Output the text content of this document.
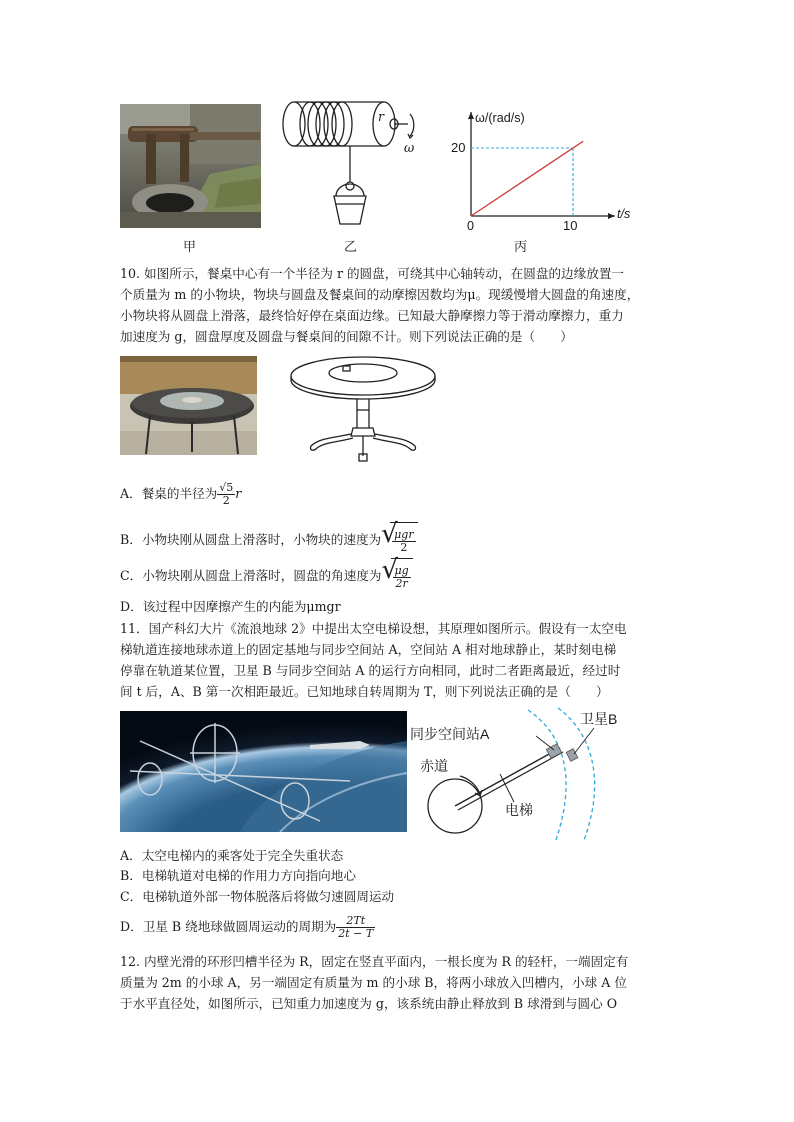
甲
r
ω
乙
ω/(rad/s)
t/s
0
20
10
丙
10. 如图所示，餐桌中心有一个半径为 r 的圆盘，可绕其中心轴转动，在圆盘的边缘放置一
个质量为 m 的小物块，物块与圆盘及餐桌间的动摩擦因数均为μ。现缓慢增大圆盘的角速度，
小物块将从圆盘上滑落，最终恰好停在桌面边缘。已知最大静摩擦力等于滑动摩擦力，重力
加速度为 g，圆盘厚度及圆盘与餐桌间的间隙不计。则下列说法正确的是（　　）
A．餐桌的半径为 $\frac{√5}{2}$ r
B．小物块刚从圆盘上滑落时，小物块的速度为 √
$\frac{\text{μgr}}{2}$
C．小物块刚从圆盘上滑落时，圆盘的角速度为 √
$\frac{\mu g}{2r}$
D．该过程中因摩擦产生的内能为μmgr
11．国产科幻大片《流浪地球 2》中提出太空电梯设想，其原理如图所示。假设有一太空电
梯轨道连接地球赤道上的固定基地与同步空间站 A，空间站 A 相对地球静止，某时刻电梯
停靠在轨道某位置，卫星 B 与同步空间站 A 的运行方向相同，此时二者距离最近，经过时
间 t 后，A、B 第一次相距最近。已知地球自转周期为 T，则下列说法正确的是（　　）
卫星B
同步空间站A
赤道
电梯
A．太空电梯内的乘客处于完全失重状态
B．电梯轨道对电梯的作用力方向指向地心
C．电梯轨道外部一物体脱落后将做匀速圆周运动
D．卫星 B 绕地球做圆周运动的周期为 $\frac{2Tt}{2t - T}$
12. 内壁光滑的环形凹槽半径为 R，固定在竖直平面内，一根长度为 R 的轻杆，一端固定有
质量为 2m 的小球 A，另一端固定有质量为 m 的小球 B，将两小球放入凹槽内，小球 A 位
于水平直径处，如图所示，已知重力加速度为 g，该系统由静止释放到 B 球滑到与圆心 O
